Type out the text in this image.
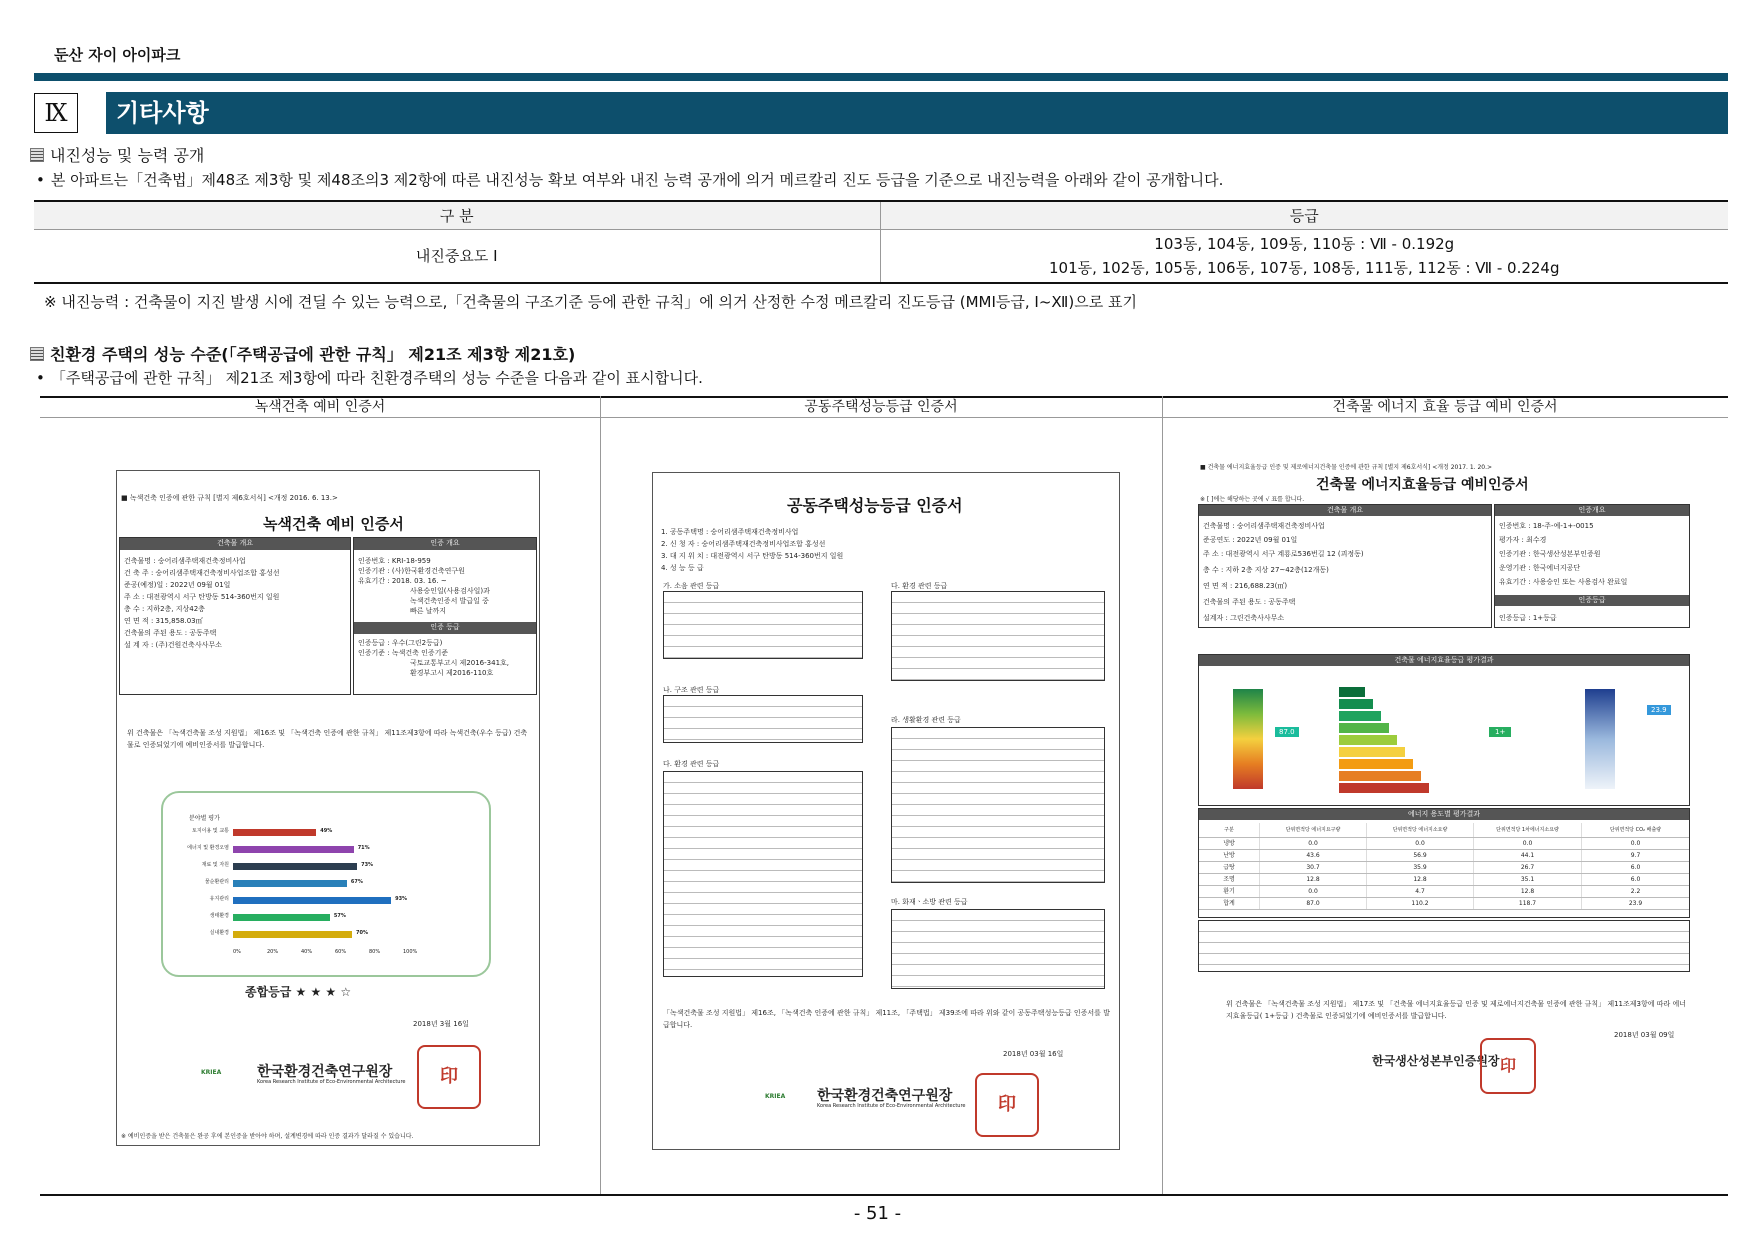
둔산 자이 아이파크
Ⅸ	기타사항
내진성능 및 능력 공개
• 본 아파트는「건축법」제48조 제3항 및 제48조의3 제2항에 따른 내진성능 확보 여부와 내진 능력 공개에 의거 메르칼리 진도 등급을 기준으로 내진능력을 아래와 같이 공개합니다.
구 분	등급
내진중요도 Ⅰ	103동, 104동, 109동, 110동 : Ⅶ - 0.192g
101동, 102동, 105동, 106동, 107동, 108동, 111동, 112동 : Ⅶ - 0.224g
※ 내진능력 : 건축물이 지진 발생 시에 견딜 수 있는 능력으로,「건축물의 구조기준 등에 관한 규칙」에 의거 산정한 수정 메르칼리 진도등급 (MMI등급, Ⅰ~Ⅻ)으로 표기
친환경 주택의 성능 수준(「주택공급에 관한 규칙」 제21조 제3항 제21호)
• 「주택공급에 관한 규칙」 제21조 제3항에 따라 친환경주택의 성능 수준을 다음과 같이 표시합니다.
녹색건축 예비 인증서	공동주택성능등급 인증서	건축물 에너지 효율 등급 예비 인증서
■ 녹색건축 인증에 관한 규칙 [별지 제6호서식] <개정 2016. 6. 13.>
녹색건축 예비 인증서
건축물 개요
건축물명 : 숭어리샘주택재건축정비사업
건 축 주 : 숭어리샘주택재건축정비사업조합 홍성선
준공(예정)일 : 2022년 09월 01일
주 소 : 대전광역시 서구 탄방동 514-360번지 일원
층 수 : 지하2층, 지상42층
연 면 적 : 315,858.03㎡
건축물의 주된 용도 : 공동주택
설 계 자 : (주)건원건축사사무소
인증 개요
인증번호 : KRI-18-959
인증기관 : (사)한국환경건축연구원
유효기간 : 2018. 03. 16. ~
사용승인일(사용검사일)과
녹색건축인증서 발급일 중
빠른 날까지
인증 등급
인증등급 : 우수(그린2등급)
인증기준 : 녹색건축 인증기준
국토교통부고시 제2016-341호,
환경부고시 제2016-110호
위 건축물은 「녹색건축물 조성 지원법」 제16조 및 「녹색건축 인증에 관한 규칙」 제11조제3항에 따라 녹색건축(우수 등급) 건축물로 인증되었기에 예비인증서를 발급합니다.
분야별 평가
0%	20%	40%	60%	80%	100%
토지이용 및 교통	49%
에너지 및 환경오염	71%
재료 및 자원	73%
물순환관리	67%
유지관리	93%
생태환경	57%
실내환경	70%
종합등급 ★ ★ ★ ☆
2018년 3월 16일
KRIEA	한국환경건축연구원장
Korea Research Institute of Eco-Environmental Architecture	印
※ 예비인증을 받은 건축물은 완공 후에 본인증을 받아야 하며, 설계변경에 따라 인증 결과가 달라질 수 있습니다.
공동주택성능등급 인증서
1. 공동주택명 : 숭어리샘주택재건축정비사업
2. 신 청 자 : 숭어리샘주택재건축정비사업조합 홍성선
3. 대 지 위 치 : 대전광역시 서구 탄방동 514-360번지 일원
4. 성 능 등 급
가. 소음 관련 등급
나. 구조 관련 등급
다. 환경 관련 등급
다. 환경 관련 등급
라. 생활환경 관련 등급
마. 화재ㆍ소방 관련 등급
「녹색건축물 조성 지원법」 제16조, 「녹색건축 인증에 관한 규칙」 제11조, 「주택법」 제39조에 따라 위와 같이 공동주택성능등급 인증서를 발급합니다.
2018년 03월 16일
KRIEA 한국환경건축연구원장
Korea Research Institute of Eco-Environmental Architecture	印
■ 건축물 에너지효율등급 인증 및 제로에너지건축물 인증에 관한 규칙 [별지 제6호서식] <개정 2017. 1. 20.>
건축물 에너지효율등급 예비인증서
※ [ ]에는 해당하는 곳에 √ 표를 합니다.
건축물 개요
건축물명 : 숭어리샘주택재건축정비사업
준공연도 : 2022년 09월 01일
주 소 : 대전광역시 서구 계룡로536번길 12 (괴정동)
층 수 : 지하 2층 지상 27~42층(12개동)
연 면 적 : 216,688.23(㎡)
건축물의 주된 용도 : 공동주택
설계자 : 그린건축사사무소
인증개요
인증번호 : 18-주-예-1+-0015
평가자 : 최수경
인증기관 : 한국생산성본부인증원
운영기관 : 한국에너지공단
유효기간 : 사용승인 또는 사용검사 완료일
인증등급
인증등급 : 1+등급
건축물 에너지효율등급 평가결과
87.0	1+
23.9
에너지 용도별 평가결과
구분	단위면적당 에너지요구량	단위면적당 에너지소요량	단위면적당 1차에너지소요량	단위면적당 CO₂ 배출량
냉방	0.0	0.0	0.0	0.0
난방	43.6	56.9	44.1	9.7
급탕	30.7	35.9	26.7	6.0
조명	12.8	12.8	35.1	6.0
환기	0.0	4.7	12.8	2.2
합계	87.0	110.2	118.7	23.9
위 건축물은 「녹색건축물 조성 지원법」 제17조 및 「건축물 에너지효율등급 인증 및 제로에너지건축물 인증에 관한 규칙」 제11조제3항에 따라 에너지효율등급( 1+등급 ) 건축물로 인증되었기에 예비인증서를 발급합니다.
2018년 03월 09일
한국생산성본부인증원장 印
- 51 -
